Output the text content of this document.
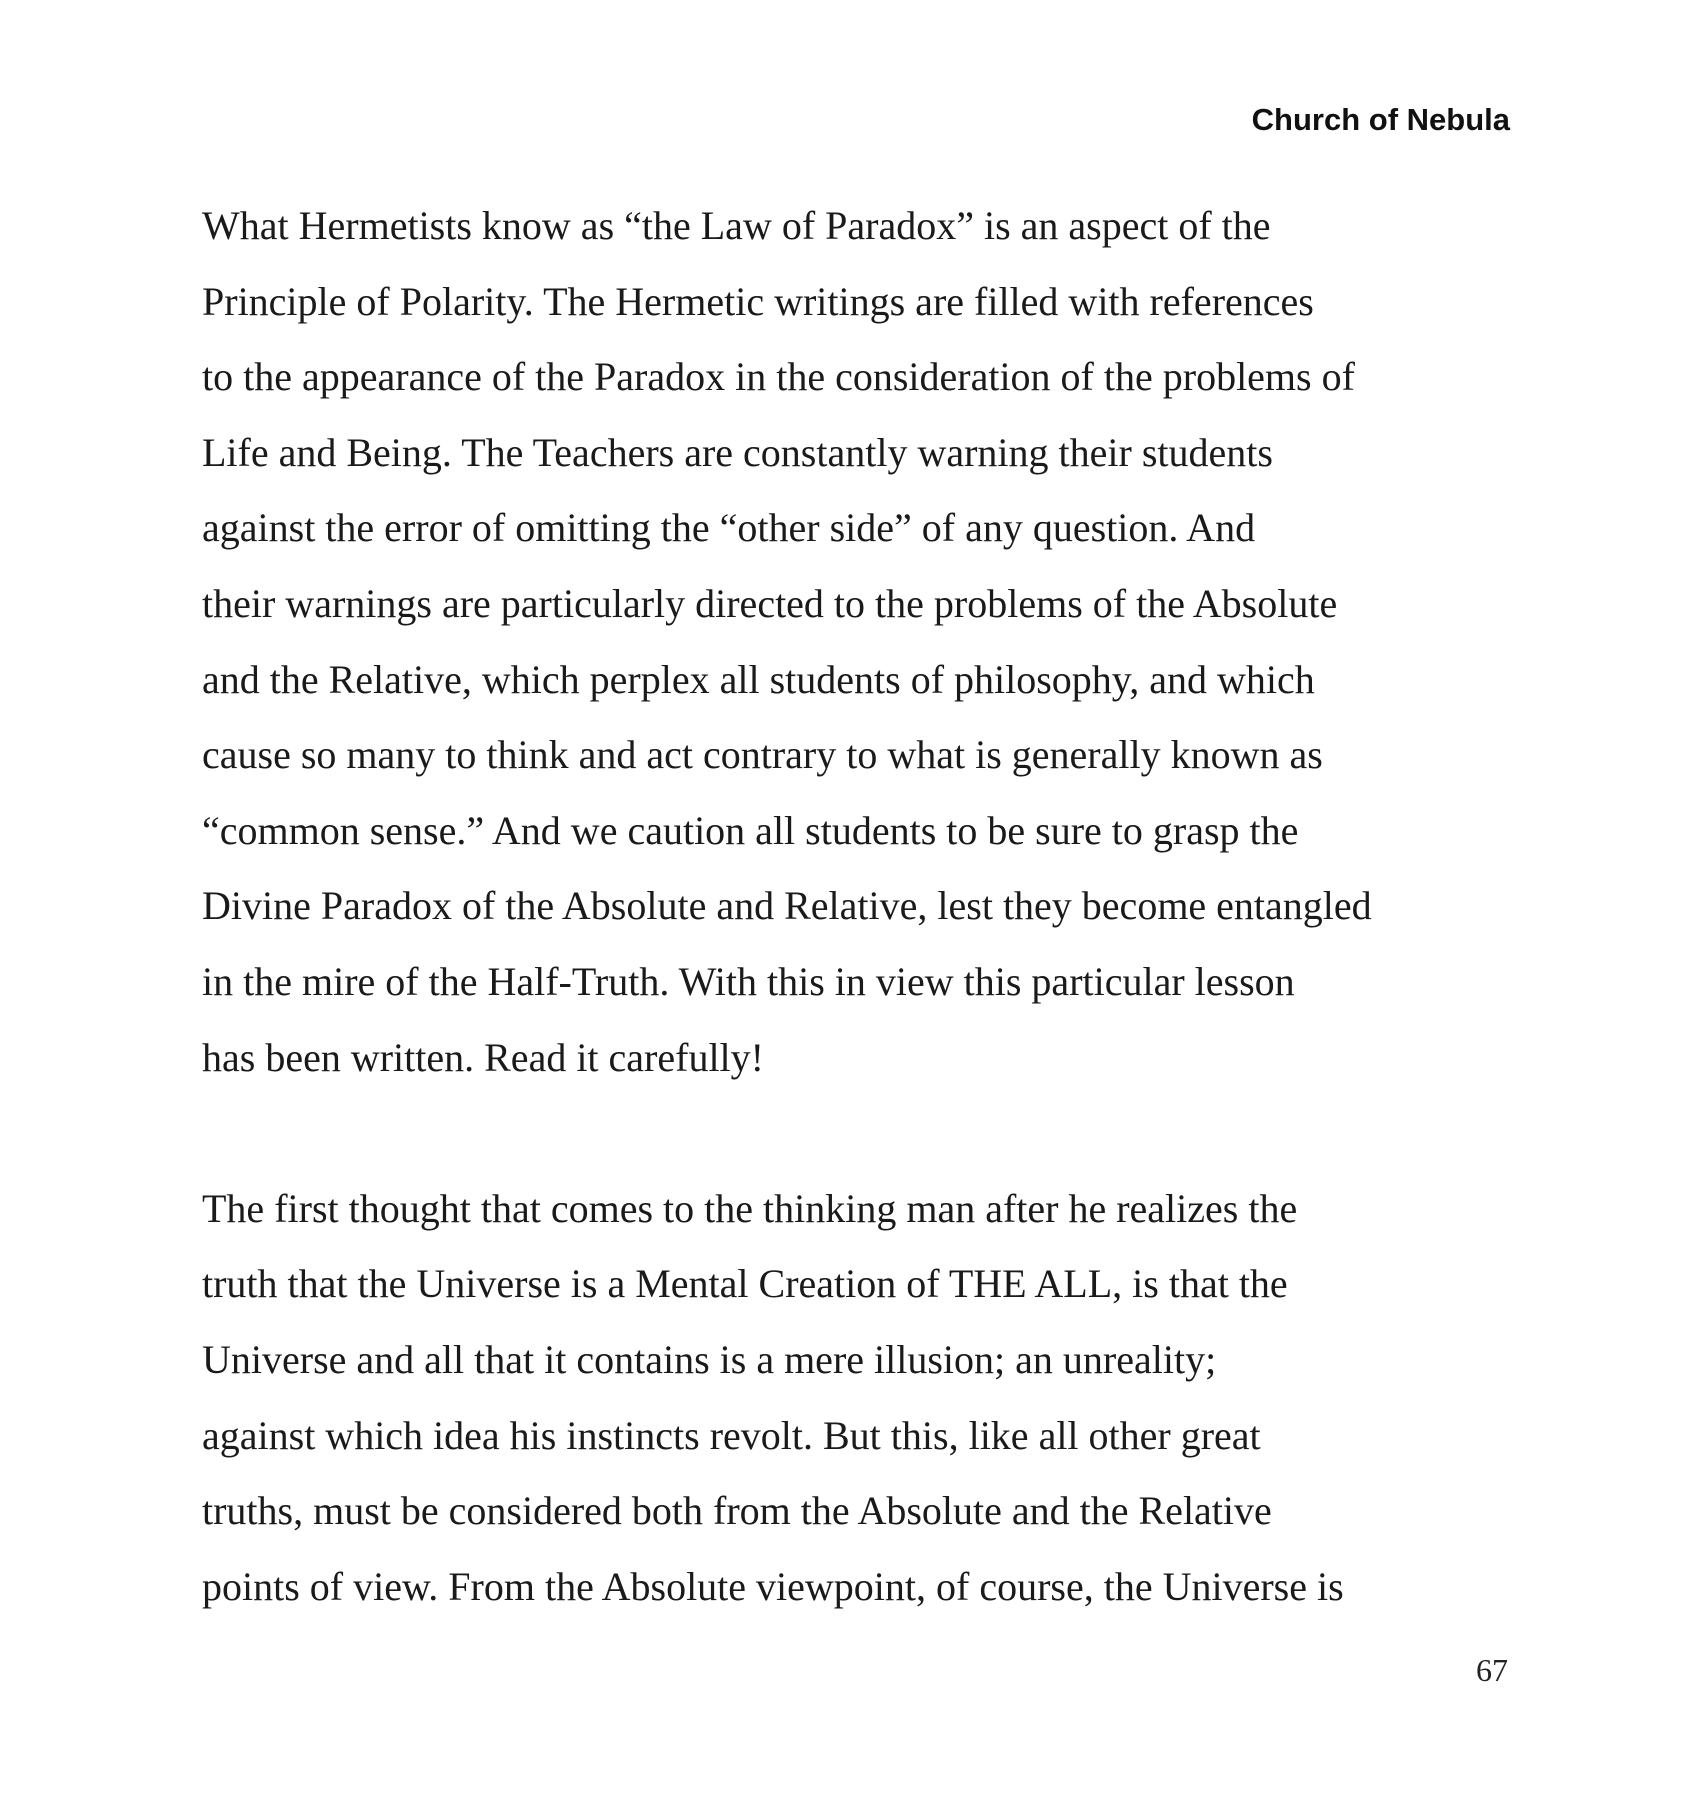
Church of Nebula
What Hermetists know as “the Law of Paradox” is an aspect of the
Principle of Polarity. The Hermetic writings are filled with references
to the appearance of the Paradox in the consideration of the problems of
Life and Being. The Teachers are constantly warning their students
against the error of omitting the “other side” of any question. And
their warnings are particularly directed to the problems of the Absolute
and the Relative, which perplex all students of philosophy, and which
cause so many to think and act contrary to what is generally known as
“common sense.” And we caution all students to be sure to grasp the
Divine Paradox of the Absolute and Relative, lest they become entangled
in the mire of the Half-Truth. With this in view this particular lesson
has been written. Read it carefully!
The first thought that comes to the thinking man after he realizes the
truth that the Universe is a Mental Creation of THE ALL, is that the
Universe and all that it contains is a mere illusion; an unreality;
against which idea his instincts revolt. But this, like all other great
truths, must be considered both from the Absolute and the Relative
points of view. From the Absolute viewpoint, of course, the Universe is
67
